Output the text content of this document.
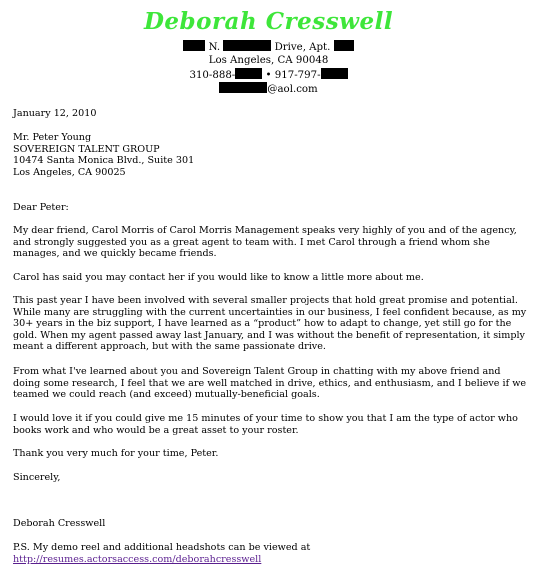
Deborah Cresswell
N.	Drive, Apt.
Los Angeles, CA 90048
310-888-	• 917-797-
@aol.com
January 12, 2010
Mr. Peter Young
SOVEREIGN TALENT GROUP
10474 Santa Monica Blvd., Suite 301
Los Angeles, CA 90025
Dear Peter:
My dear friend, Carol Morris of Carol Morris Management speaks very highly of you and of the agency, and strongly suggested you as a great agent to team with. I met Carol through a friend whom she manages, and we quickly became friends.
Carol has said you may contact her if you would like to know a little more about me.
This past year I have been involved with several smaller projects that hold great promise and potential. While many are struggling with the current uncertainties in our business, I feel confident because, as my 30+ years in the biz support, I have learned as a “product” how to adapt to change, yet still go for the gold. When my agent passed away last January, and I was without the benefit of representation, it simply meant a different approach, but with the same passionate drive.
From what I've learned about you and Sovereign Talent Group in chatting with my above friend and doing some research, I feel that we are well matched in drive, ethics, and enthusiasm, and I believe if we teamed we could reach (and exceed) mutually-beneficial goals.
I would love it if you could give me 15 minutes of your time to show you that I am the type of actor who books work and who would be a great asset to your roster.
Thank you very much for your time, Peter.
Sincerely,
Deborah Cresswell
P.S. My demo reel and additional headshots can be viewed at
http://resumes.actorsaccess.com/deborahcresswell
